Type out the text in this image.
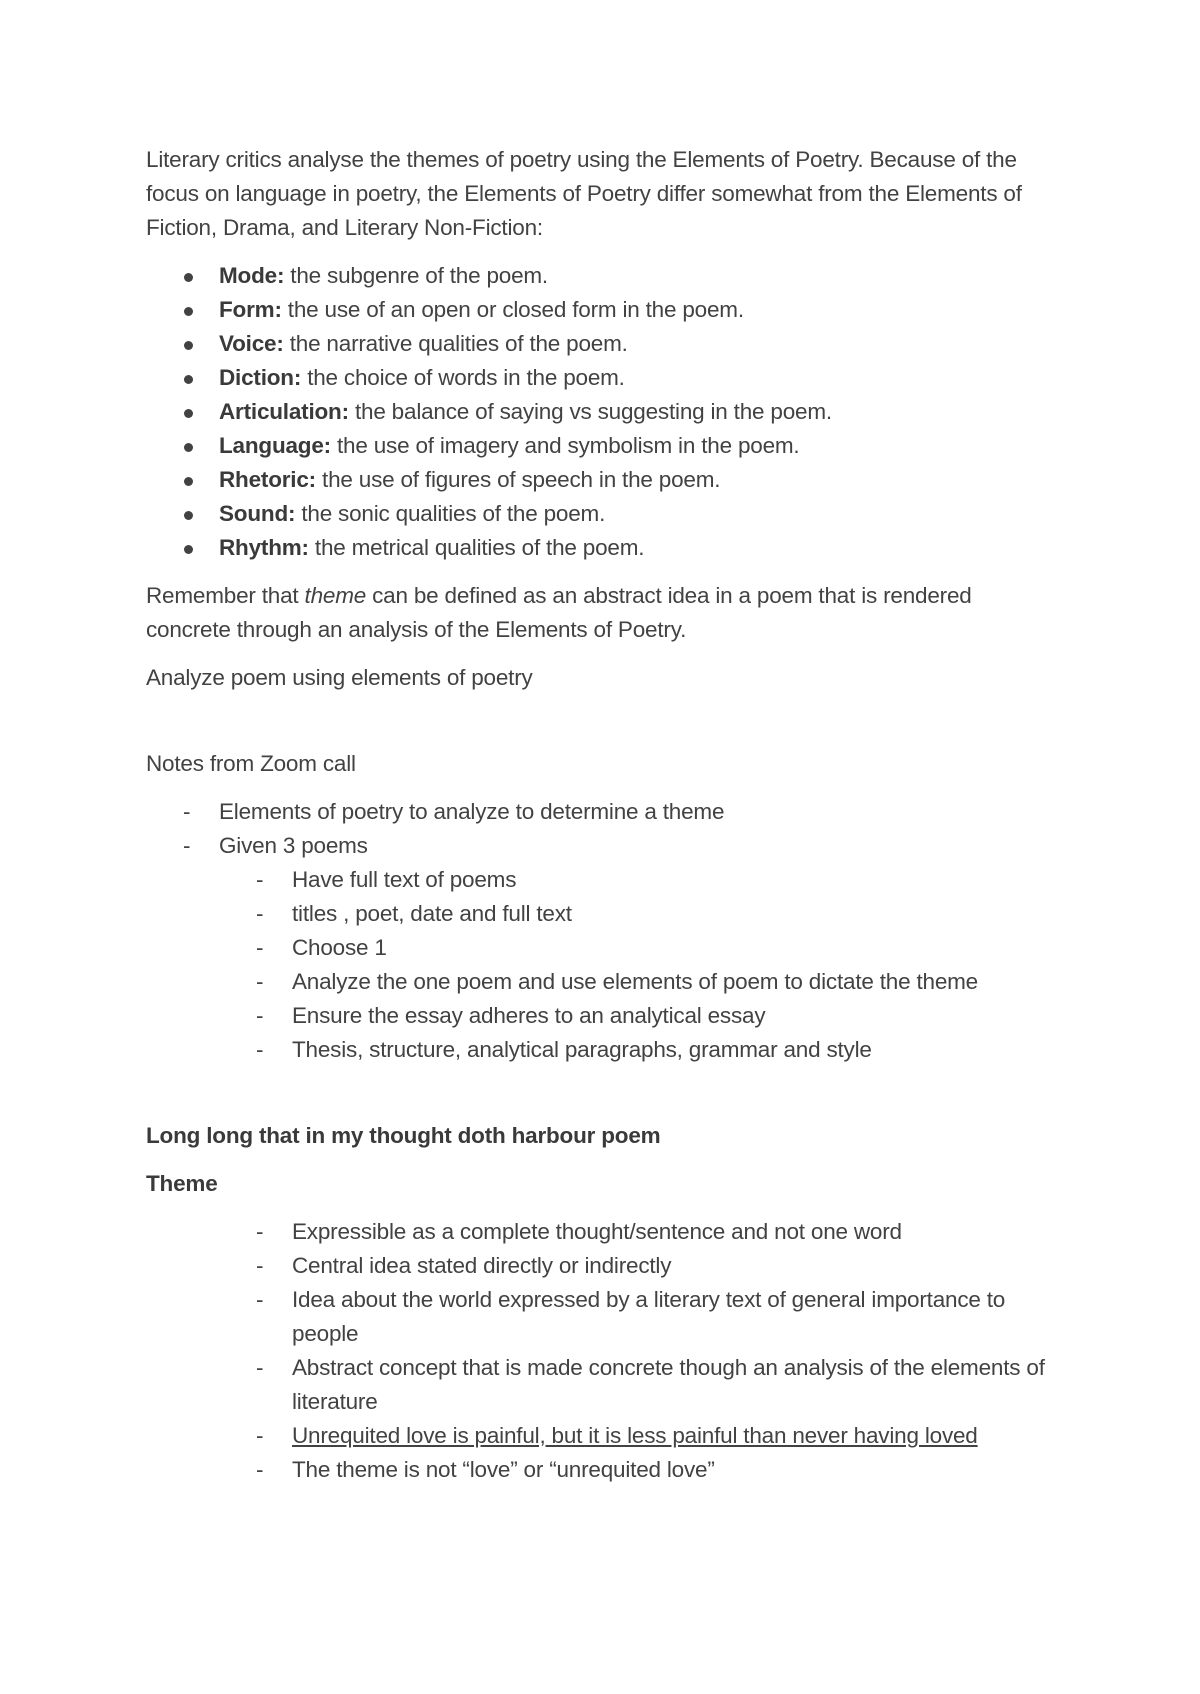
Literary critics analyse the themes of poetry using the Elements of Poetry. Because of the focus on language in poetry, the Elements of Poetry differ somewhat from the Elements of Fiction, Drama, and Literary Non-Fiction:

Mode: the subgenre of the poem.
Form: the use of an open or closed form in the poem.
Voice: the narrative qualities of the poem.
Diction: the choice of words in the poem.
Articulation: the balance of saying vs suggesting in the poem.
Language: the use of imagery and symbolism in the poem.
Rhetoric: the use of figures of speech in the poem.
Sound: the sonic qualities of the poem.
Rhythm: the metrical qualities of the poem.

Remember that theme can be defined as an abstract idea in a poem that is rendered concrete through an analysis of the Elements of Poetry.

Analyze poem using elements of poetry

Notes from Zoom call

- Elements of poetry to analyze to determine a theme
- Given 3 poems
- Have full text of poems
- titles , poet, date and full text
- Choose 1
- Analyze the one poem and use elements of poem to dictate the theme
- Ensure the essay adheres to an analytical essay
- Thesis, structure, analytical paragraphs, grammar and style

Long long that in my thought doth harbour poem

Theme

- Expressible as a complete thought/sentence and not one word
- Central idea stated directly or indirectly
- Idea about the world expressed by a literary text of general importance to people
- Abstract concept that is made concrete though an analysis of the elements of literature
- Unrequited love is painful, but it is less painful than never having loved
- The theme is not “love” or “unrequited love”
